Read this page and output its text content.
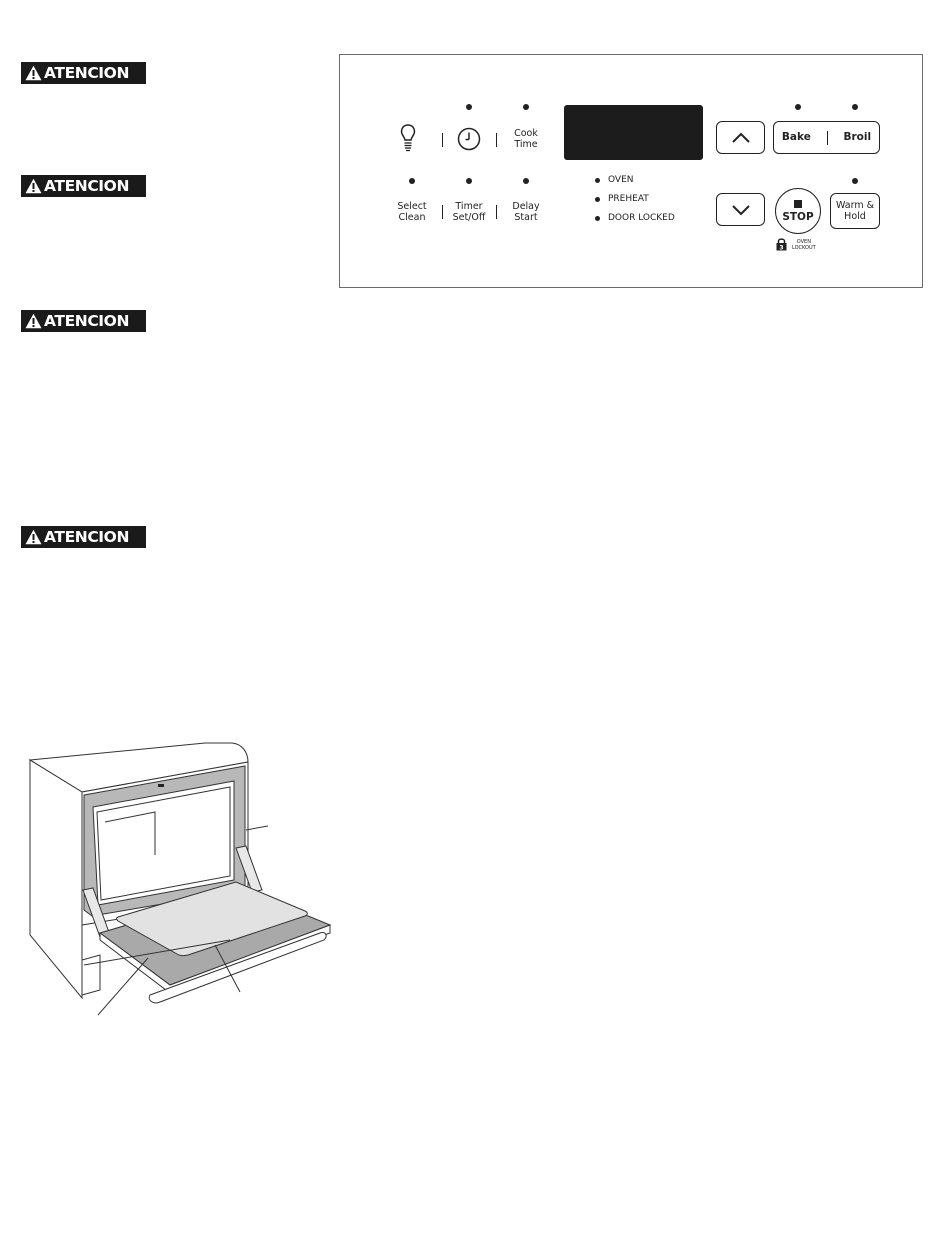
ATENCION
ATENCION
ATENCION
ATENCION
Cook
Time
Select
Clean
Timer
Set/Off
Delay
Start
OVEN
PREHEAT
DOOR LOCKED
Bake	Broil
STOP
3
OVEN
LOCKOUT
Warm &
Hold
